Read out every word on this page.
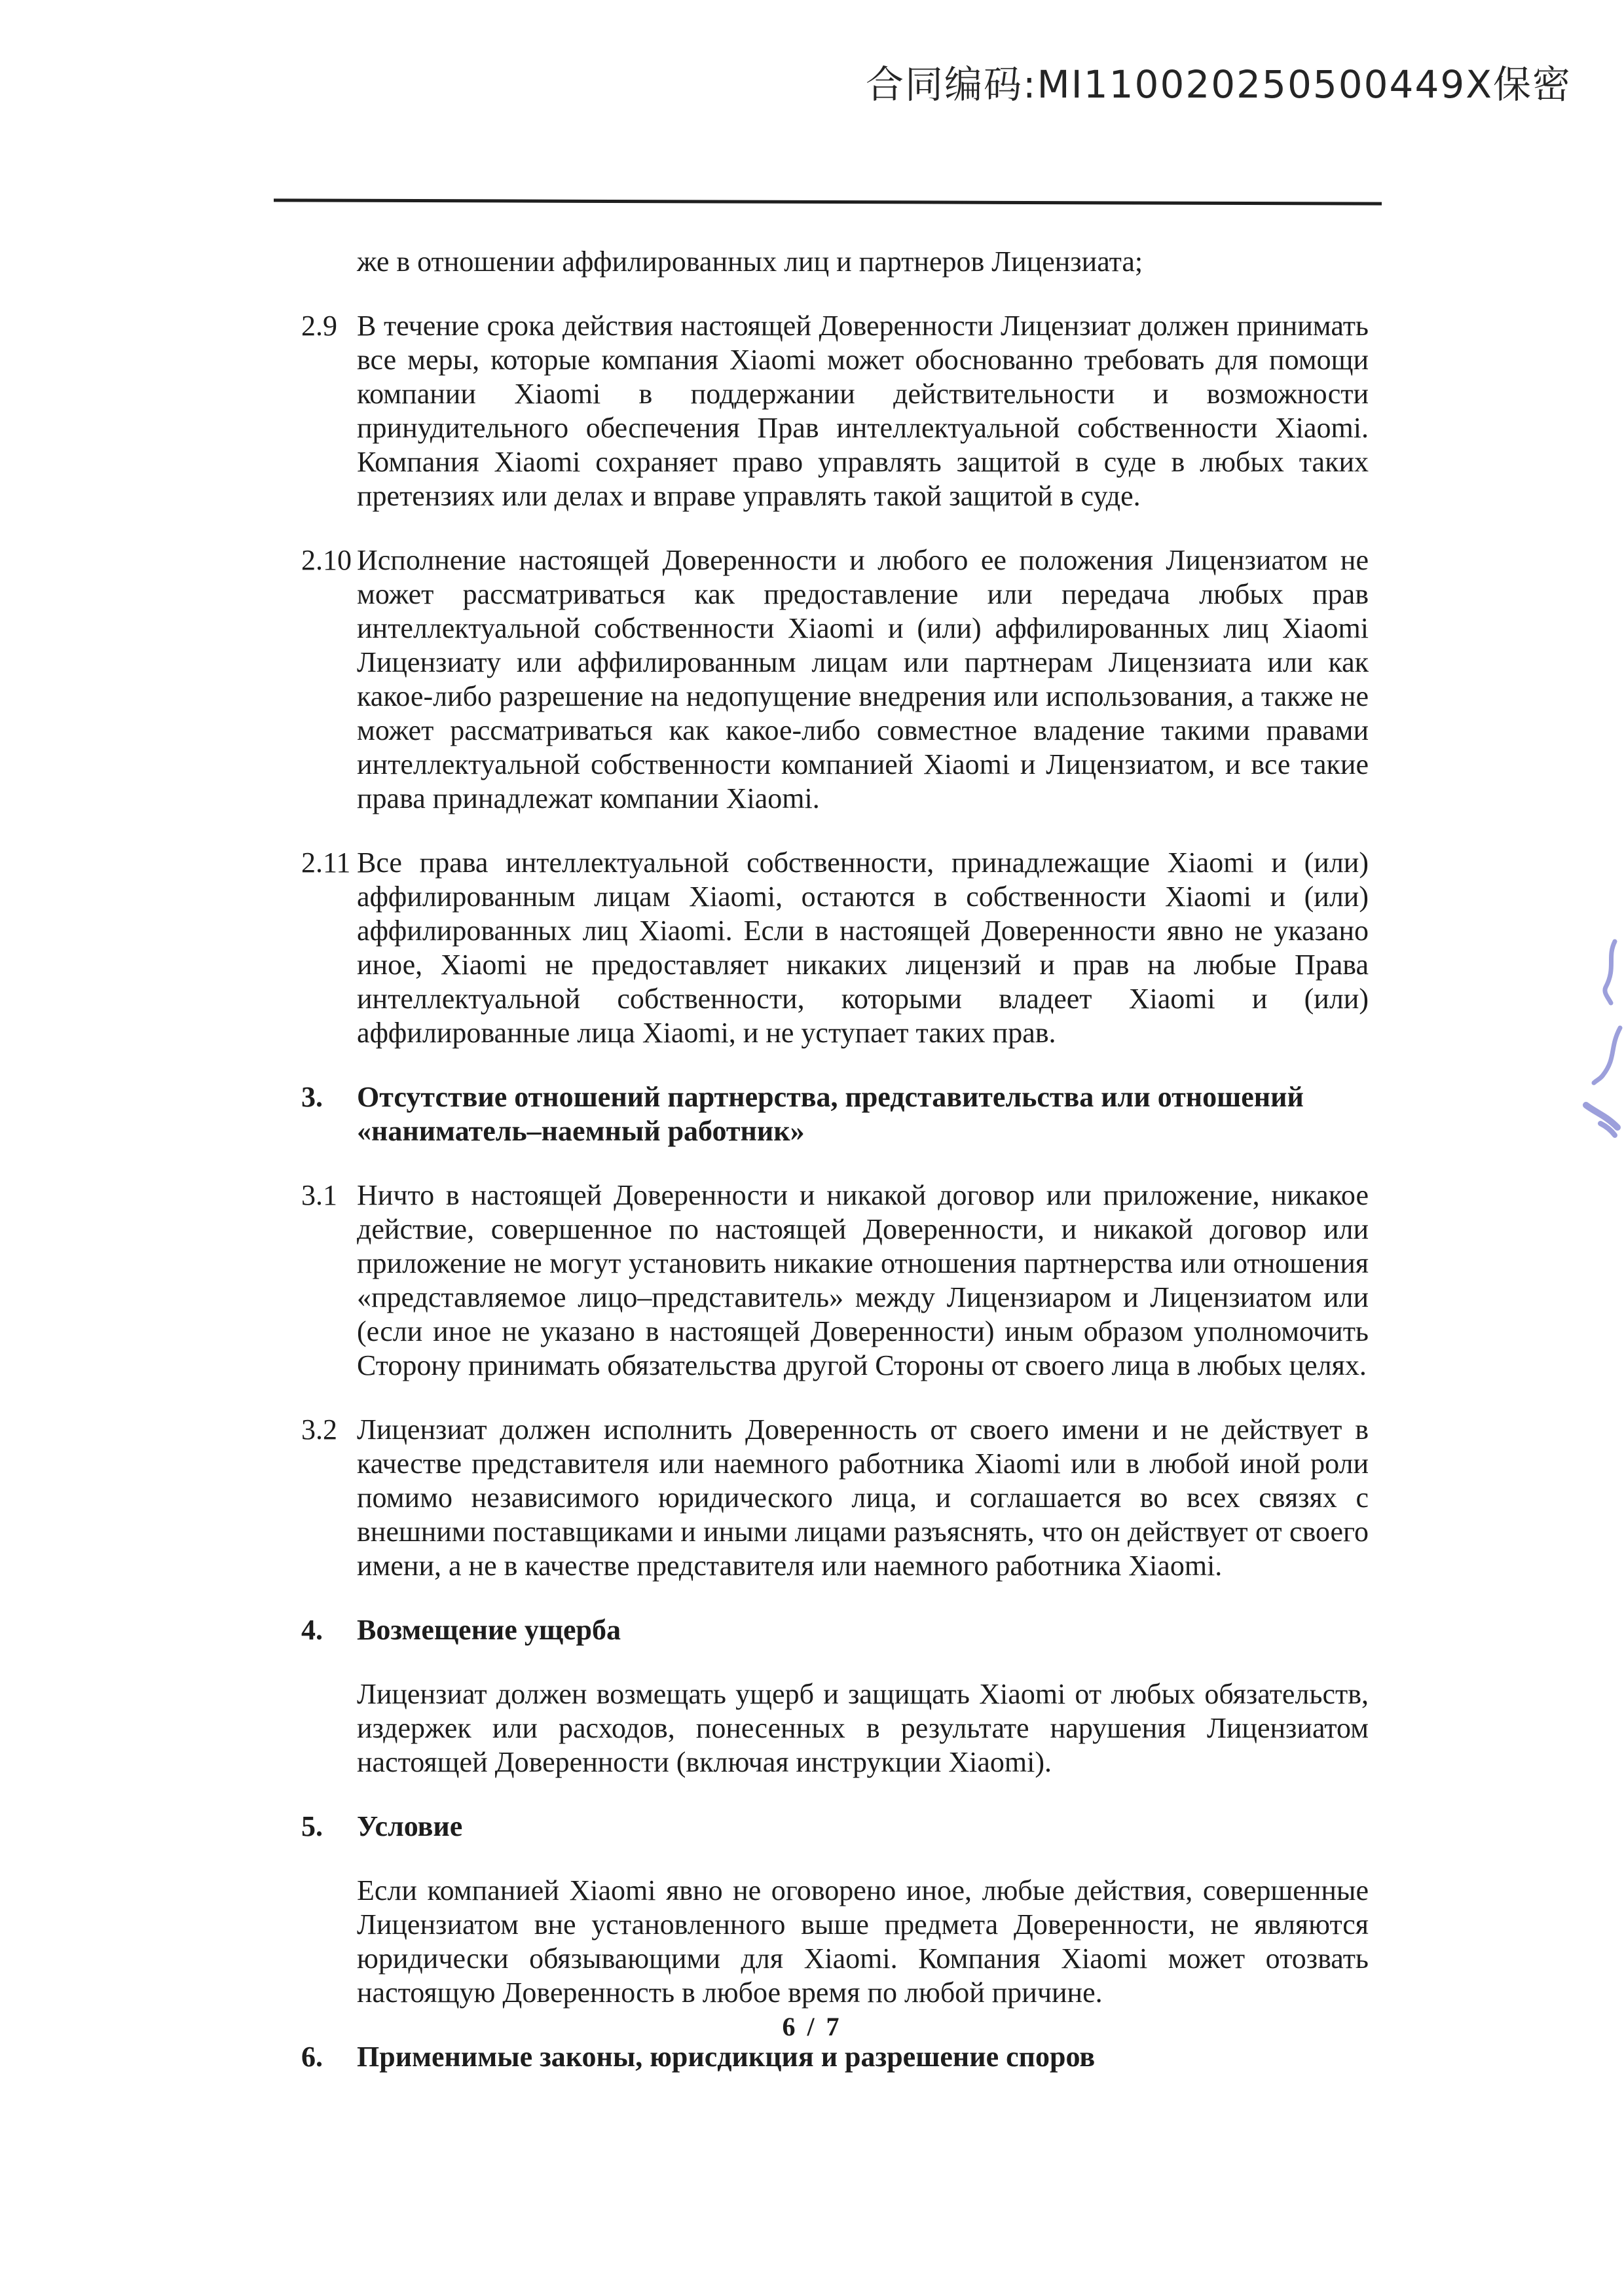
合同编码:MI110020250500449X保密
же в отношении аффилированных лиц и партнеров Лицензиата;
2.9 В течение срока действия настоящей Доверенности Лицензиат должен принимать все меры, которые компания Xiaomi может обоснованно требовать для помощи компании Xiaomi в поддержании действительности и возможности принудительного обеспечения Прав интеллектуальной собственности Xiaomi. Компания Xiaomi сохраняет право управлять защитой в суде в любых таких претензиях или делах и вправе управлять такой защитой в суде.
2.10 Исполнение настоящей Доверенности и любого ее положения Лицензиатом не может рассматриваться как предоставление или передача любых прав интеллектуальной собственности Xiaomi и (или) аффилированных лиц Xiaomi Лицензиату или аффилированным лицам или партнерам Лицензиата или как какое-либо разрешение на недопущение внедрения или использования, а также не может рассматриваться как какое-либо совместное владение такими правами интеллектуальной собственности компанией Xiaomi и Лицензиатом, и все такие права принадлежат компании Xiaomi.
2.11 Все права интеллектуальной собственности, принадлежащие Xiaomi и (или) аффилированным лицам Xiaomi, остаются в собственности Xiaomi и (или) аффилированных лиц Xiaomi. Если в настоящей Доверенности явно не указано иное, Xiaomi не предоставляет никаких лицензий и прав на любые Права интеллектуальной собственности, которыми владеет Xiaomi и (или) аффилированные лица Xiaomi, и не уступает таких прав.
3.	Отсутствие отношений партнерства, представительства или отношений «наниматель–наемный работник»
3.1 Ничто в настоящей Доверенности и никакой договор или приложение, никакое действие, совершенное по настоящей Доверенности, и никакой договор или приложение не могут установить никакие отношения партнерства или отношения «представляемое лицо–представитель» между Лицензиаром и Лицензиатом или (если иное не указано в настоящей Доверенности) иным образом уполномочить Сторону принимать обязательства другой Стороны от своего лица в любых целях.
3.2 Лицензиат должен исполнить Доверенность от своего имени и не действует в качестве представителя или наемного работника Xiaomi или в любой иной роли помимо независимого юридического лица, и соглашается во всех связях с внешними поставщиками и иными лицами разъяснять, что он действует от своего имени, а не в качестве представителя или наемного работника Xiaomi.
4.	Возмещение ущерба
Лицензиат должен возмещать ущерб и защищать Xiaomi от любых обязательств, издержек или расходов, понесенных в результате нарушения Лицензиатом настоящей Доверенности (включая инструкции Xiaomi).
5.	Условие
Если компанией Xiaomi явно не оговорено иное, любые действия, совершенные Лицензиатом вне установленного выше предмета Доверенности, не являются юридически обязывающими для Xiaomi. Компания Xiaomi может отозвать настоящую Доверенность в любое время по любой причине.
6.	Применимые законы, юрисдикция и разрешение споров
6 / 7
